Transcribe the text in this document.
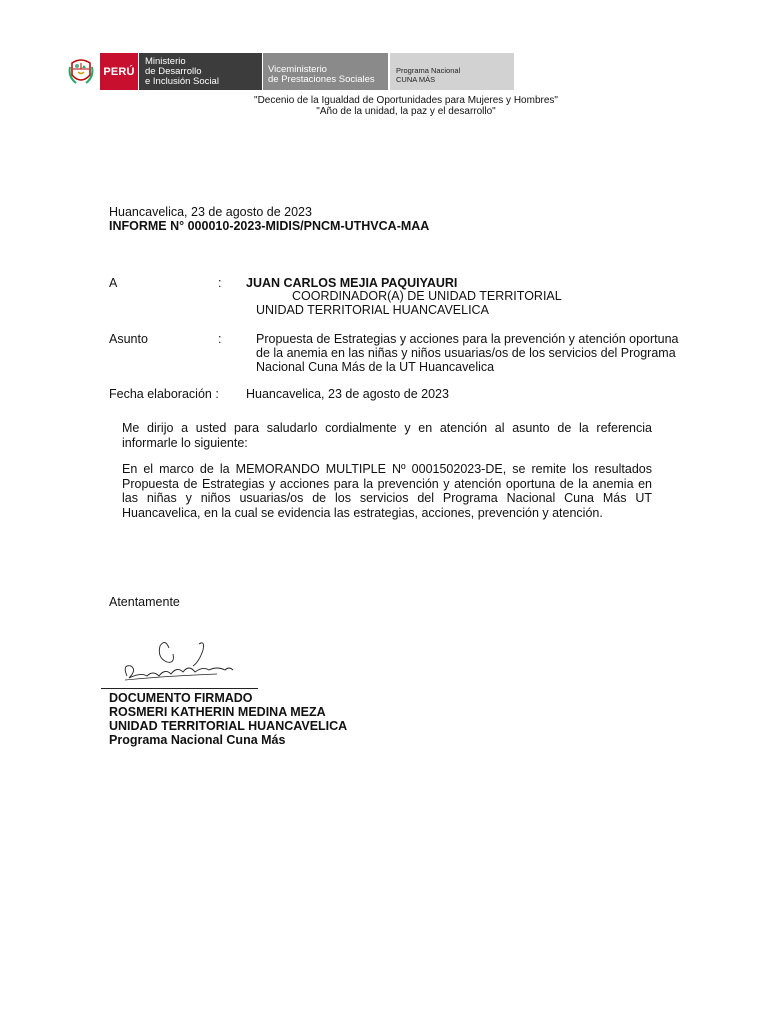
PERÚ
Ministerio
de Desarrollo
e Inclusión Social
Viceministerio
de Prestaciones Sociales
Programa Nacional
CUNA MÁS
"Decenio de la Igualdad de Oportunidades para Mujeres y Hombres"
"Año de la unidad, la paz y el desarrollo"
Huancavelica, 23 de agosto de 2023
INFORME N° 000010-2023-MIDIS/PNCM-UTHVCA-MAA
A	: JUAN CARLOS MEJIA PAQUIYAURI
COORDINADOR(A) DE UNIDAD TERRITORIAL
UNIDAD TERRITORIAL HUANCAVELICA
Asunto	:	Propuesta de Estrategias y acciones para la prevención y atención oportuna
de la anemia en las niñas y niños usuarias/os de los servicios del Programa
Nacional Cuna Más de la UT Huancavelica
Fecha elaboración : Huancavelica, 23 de agosto de 2023
Me dirijo a usted para saludarlo cordialmente y en atención al asunto de la referencia informarle lo siguiente:
En el marco de la MEMORANDO MULTIPLE Nº 0001502023-DE, se remite los resultados Propuesta de Estrategias y acciones para la prevención y atención oportuna de la anemia en las niñas y niños usuarias/os de los servicios del Programa Nacional Cuna Más UT Huancavelica, en la cual se evidencia las estrategias, acciones, prevención y atención.
Atentamente
DOCUMENTO FIRMADO
ROSMERI KATHERIN MEDINA MEZA
UNIDAD TERRITORIAL HUANCAVELICA
Programa Nacional Cuna Más
